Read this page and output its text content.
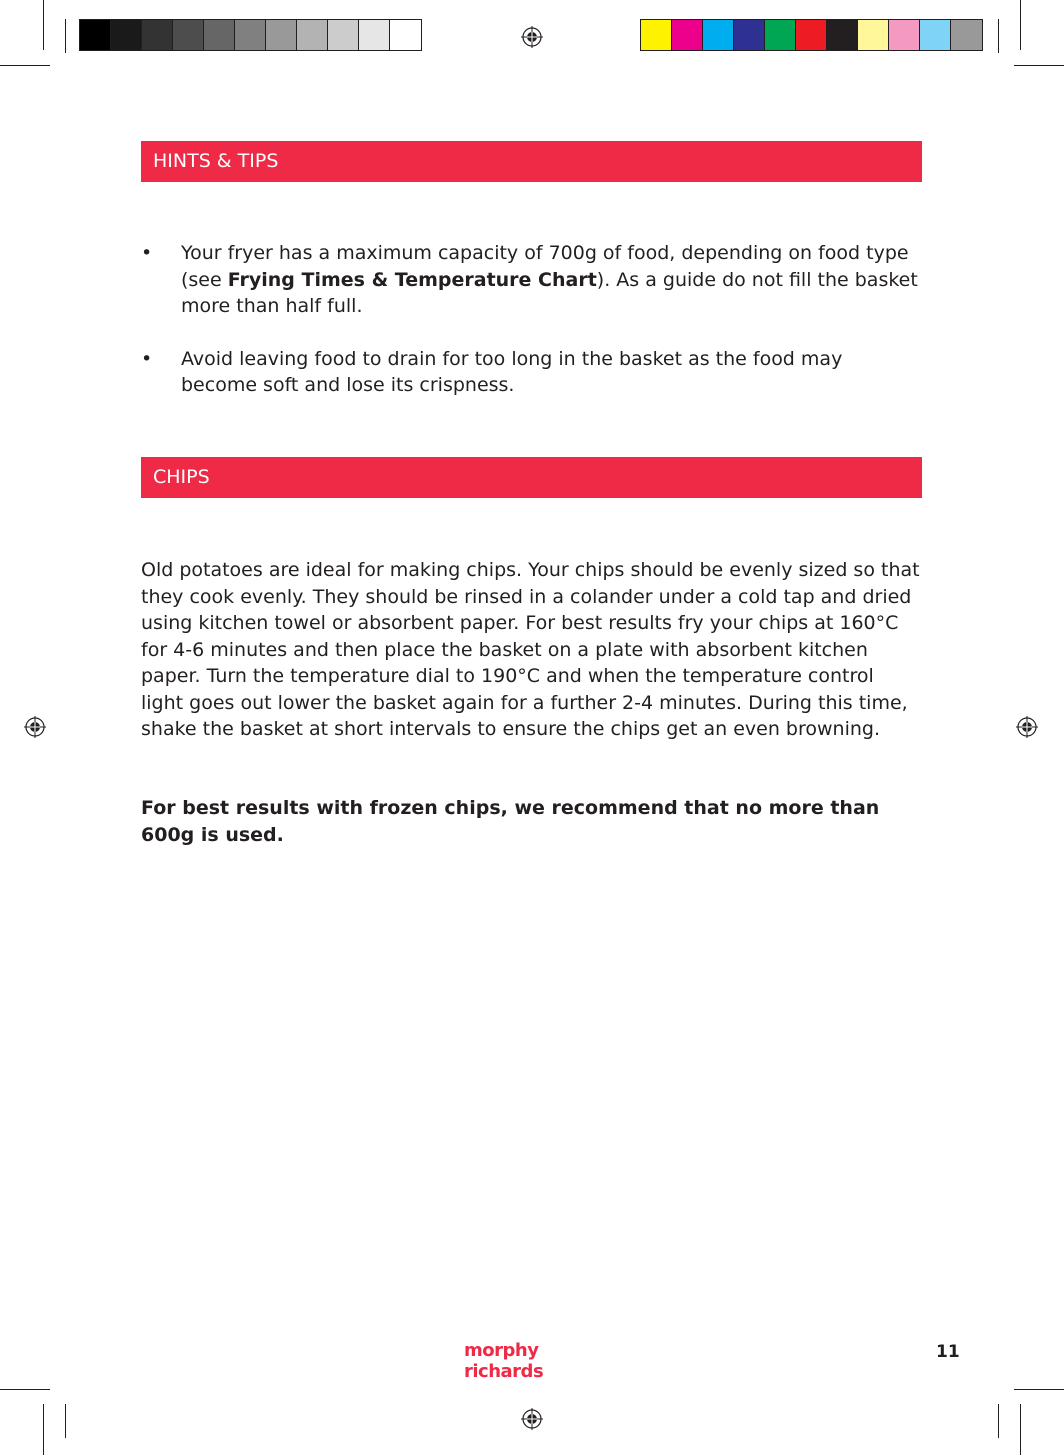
HINTS & TIPS
•	Your fryer has a maximum capacity of 700g of food, depending on food type (see Frying Times & Temperature Chart). As a guide do not fill the basket more than half full.
•	Avoid leaving food to drain for too long in the basket as the food may become soft and lose its crispness.
CHIPS

Old potatoes are ideal for making chips. Your chips should be evenly sized so that they cook evenly. They should be rinsed in a colander under a cold tap and dried using kitchen towel or absorbent paper. For best results fry your chips at 160°C for 4-6 minutes and then place the basket on a plate with absorbent kitchen paper. Turn the temperature dial to 190°C and when the temperature control light goes out lower the basket again for a further 2-4 minutes. During this time, shake the basket at short intervals to ensure the chips get an even browning.

For best results with frozen chips, we recommend that no more than 600g is used.

morphy richards
11
